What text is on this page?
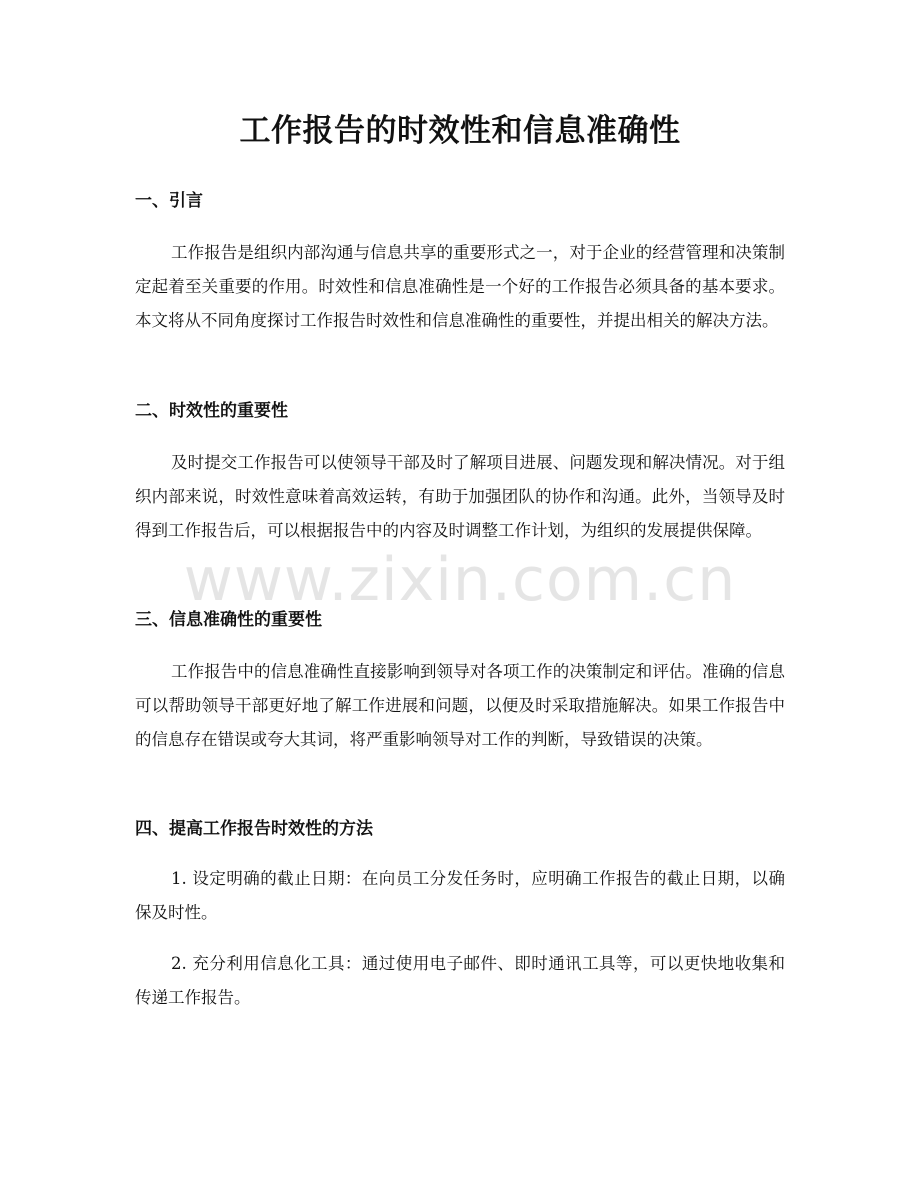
工作报告的时效性和信息准确性
一、引言

工作报告是组织内部沟通与信息共享的重要形式之一，对于企业的经营管理和决策制定起着至关重要的作用。时效性和信息准确性是一个好的工作报告必须具备的基本要求。本文将从不同角度探讨工作报告时效性和信息准确性的重要性，并提出相关的解决方法。

二、时效性的重要性

及时提交工作报告可以使领导干部及时了解项目进展、问题发现和解决情况。对于组织内部来说，时效性意味着高效运转，有助于加强团队的协作和沟通。此外，当领导及时得到工作报告后，可以根据报告中的内容及时调整工作计划，为组织的发展提供保障。

三、信息准确性的重要性

工作报告中的信息准确性直接影响到领导对各项工作的决策制定和评估。准确的信息可以帮助领导干部更好地了解工作进展和问题，以便及时采取措施解决。如果工作报告中的信息存在错误或夸大其词，将严重影响领导对工作的判断，导致错误的决策。

四、提高工作报告时效性的方法

1. 设定明确的截止日期：在向员工分发任务时，应明确工作报告的截止日期，以确保及时性。

2. 充分利用信息化工具：通过使用电子邮件、即时通讯工具等，可以更快地收集和传递工作报告。

www.zixin.com.cn
